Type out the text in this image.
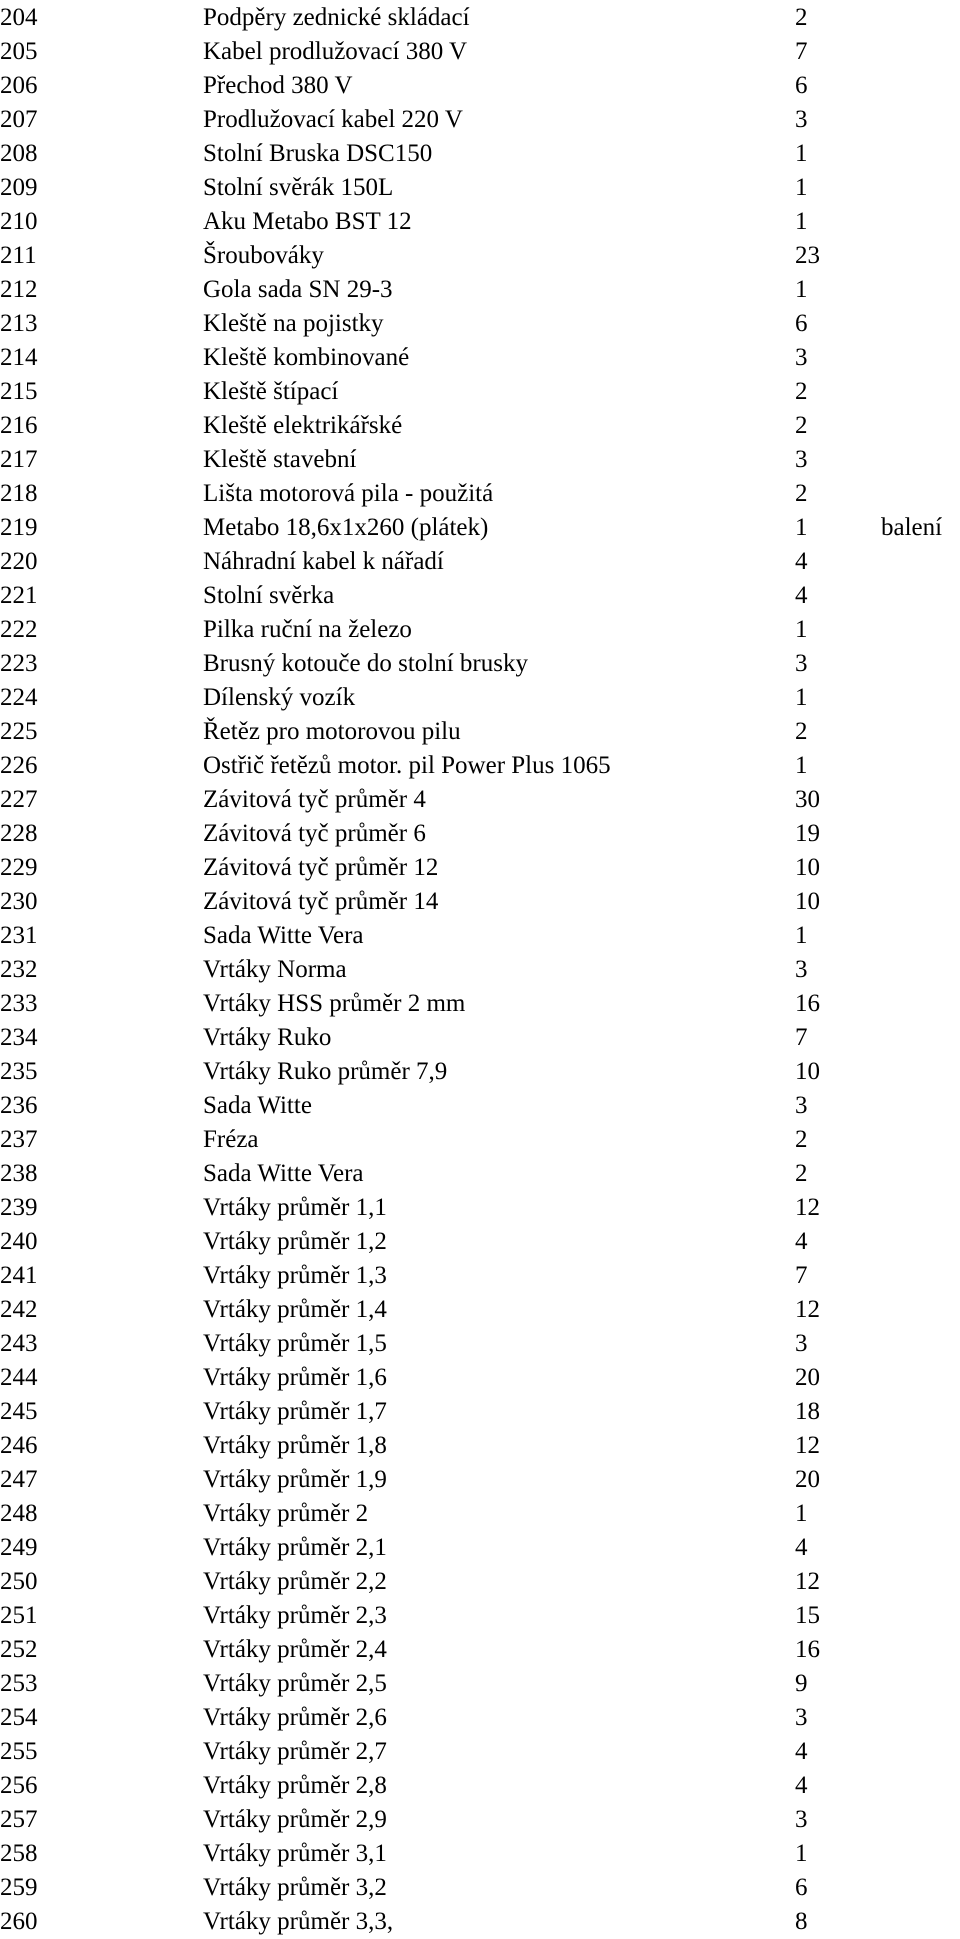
204	Podpěry zednické skládací	2
205	Kabel prodlužovací 380 V	7
206	Přechod 380 V	6
207	Prodlužovací kabel 220 V	3
208	Stolní Bruska DSC150	1
209	Stolní svěrák 150L	1
210	Aku Metabo BST 12	1
211	Šroubováky	23
212	Gola sada SN 29-3	1
213	Kleště na pojistky	6
214	Kleště kombinované	3
215	Kleště štípací	2
216	Kleště elektrikářské	2
217	Kleště stavební	3
218	Lišta motorová pila - použitá	2
219	Metabo 18,6x1x260 (plátek)	1	balení
220	Náhradní kabel k nářadí	4
221	Stolní svěrka	4
222	Pilka ruční na železo	1
223	Brusný kotouče do stolní brusky	3
224	Dílenský vozík	1
225	Řetěz pro motorovou pilu	2
226	Ostřič řetězů motor. pil Power Plus 1065	1
227	Závitová tyč průměr 4	30
228	Závitová tyč průměr 6	19
229	Závitová tyč průměr 12	10
230	Závitová tyč průměr 14	10
231	Sada Witte Vera	1
232	Vrtáky Norma	3
233	Vrtáky HSS průměr 2 mm	16
234	Vrtáky Ruko	7
235	Vrtáky Ruko průměr 7,9	10
236	Sada Witte	3
237	Fréza	2
238	Sada Witte Vera	2
239	Vrtáky průměr 1,1	12
240	Vrtáky průměr 1,2	4
241	Vrtáky průměr 1,3	7
242	Vrtáky průměr 1,4	12
243	Vrtáky průměr 1,5	3
244	Vrtáky průměr 1,6	20
245	Vrtáky průměr 1,7	18
246	Vrtáky průměr 1,8	12
247	Vrtáky průměr 1,9	20
248	Vrtáky průměr 2	1
249	Vrtáky průměr 2,1	4
250	Vrtáky průměr 2,2	12
251	Vrtáky průměr 2,3	15
252	Vrtáky průměr 2,4	16
253	Vrtáky průměr 2,5	9
254	Vrtáky průměr 2,6	3
255	Vrtáky průměr 2,7	4
256	Vrtáky průměr 2,8	4
257	Vrtáky průměr 2,9	3
258	Vrtáky průměr 3,1	1
259	Vrtáky průměr 3,2	6
260	Vrtáky průměr 3,3,	8
